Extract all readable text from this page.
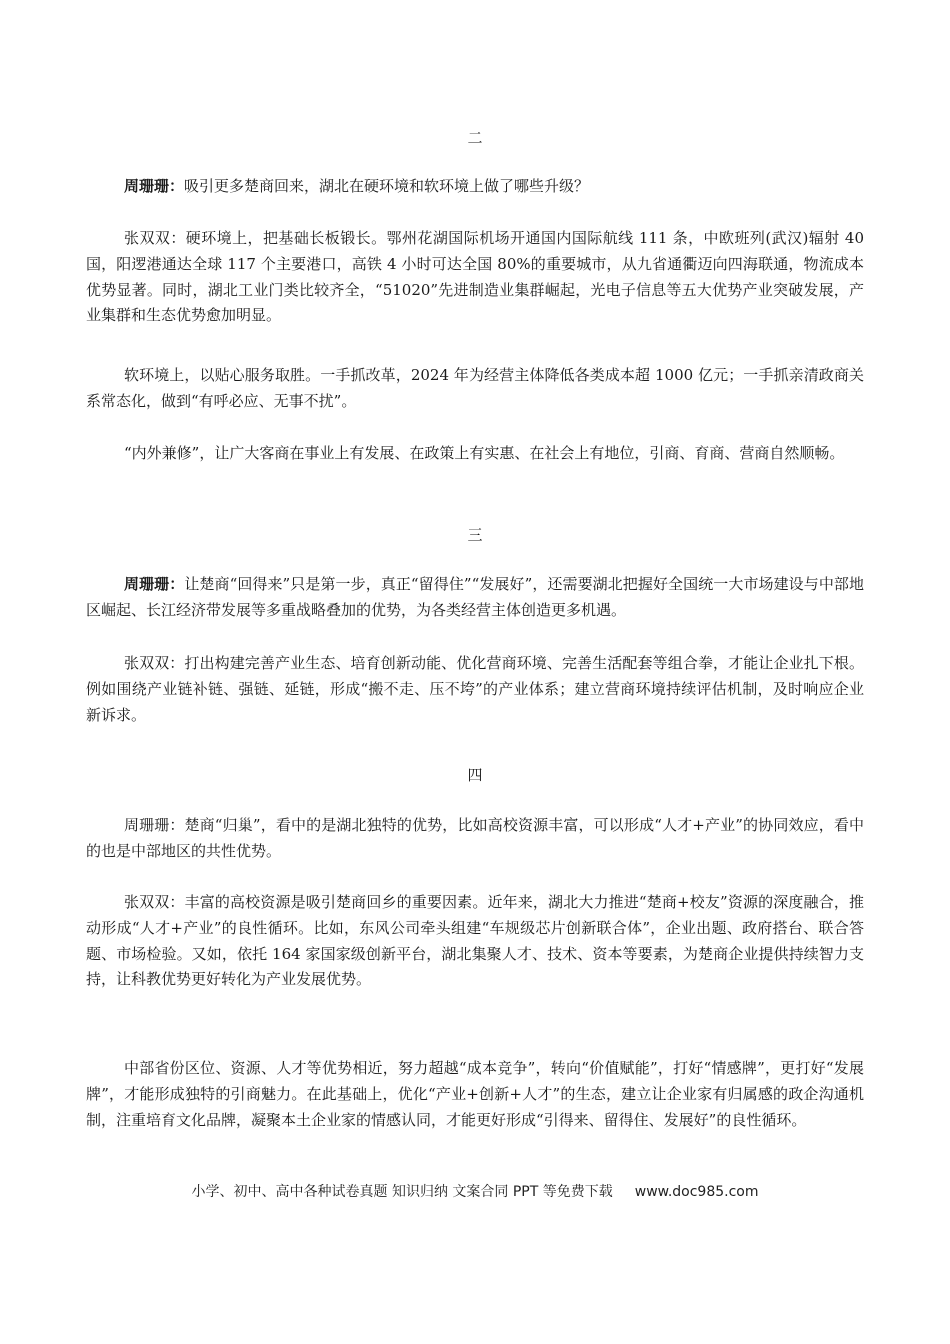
二

周珊珊：吸引更多楚商回来，湖北在硬环境和软环境上做了哪些升级？

张双双：硬环境上，把基础长板锻长。鄂州花湖国际机场开通国内国际航线 111 条，中欧班列(武汉)辐射 40 国，阳逻港通达全球 117 个主要港口，高铁 4 小时可达全国 80%的重要城市，从九省通衢迈向四海联通，物流成本优势显著。同时，湖北工业门类比较齐全，“51020”先进制造业集群崛起，光电子信息等五大优势产业突破发展，产业集群和生态优势愈加明显。

软环境上，以贴心服务取胜。一手抓改革，2024 年为经营主体降低各类成本超 1000 亿元；一手抓亲清政商关系常态化，做到“有呼必应、无事不扰”。

“内外兼修”，让广大客商在事业上有发展、在政策上有实惠、在社会上有地位，引商、育商、营商自然顺畅。

三

周珊珊：让楚商“回得来”只是第一步，真正“留得住”“发展好”，还需要湖北把握好全国统一大市场建设与中部地区崛起、长江经济带发展等多重战略叠加的优势，为各类经营主体创造更多机遇。

张双双：打出构建完善产业生态、培育创新动能、优化营商环境、完善生活配套等组合拳，才能让企业扎下根。例如围绕产业链补链、强链、延链，形成“搬不走、压不垮”的产业体系；建立营商环境持续评估机制，及时响应企业新诉求。

四

周珊珊：楚商“归巢”，看中的是湖北独特的优势，比如高校资源丰富，可以形成“人才+产业”的协同效应，看中的也是中部地区的共性优势。

张双双：丰富的高校资源是吸引楚商回乡的重要因素。近年来，湖北大力推进“楚商+校友”资源的深度融合，推动形成“人才+产业”的良性循环。比如，东风公司牵头组建“车规级芯片创新联合体”，企业出题、政府搭台、联合答题、市场检验。又如，依托 164 家国家级创新平台，湖北集聚人才、技术、资本等要素，为楚商企业提供持续智力支持，让科教优势更好转化为产业发展优势。

中部省份区位、资源、人才等优势相近，努力超越“成本竞争”，转向“价值赋能”，打好“情感牌”，更打好“发展牌”，才能形成独特的引商魅力。在此基础上，优化“产业+创新+人才”的生态，建立让企业家有归属感的政企沟通机制，注重培育文化品牌，凝聚本土企业家的情感认同，才能更好形成“引得来、留得住、发展好”的良性循环。

小学、初中、高中各种试卷真题 知识归纳 文案合同 PPT 等免费下载 www.doc985.com
